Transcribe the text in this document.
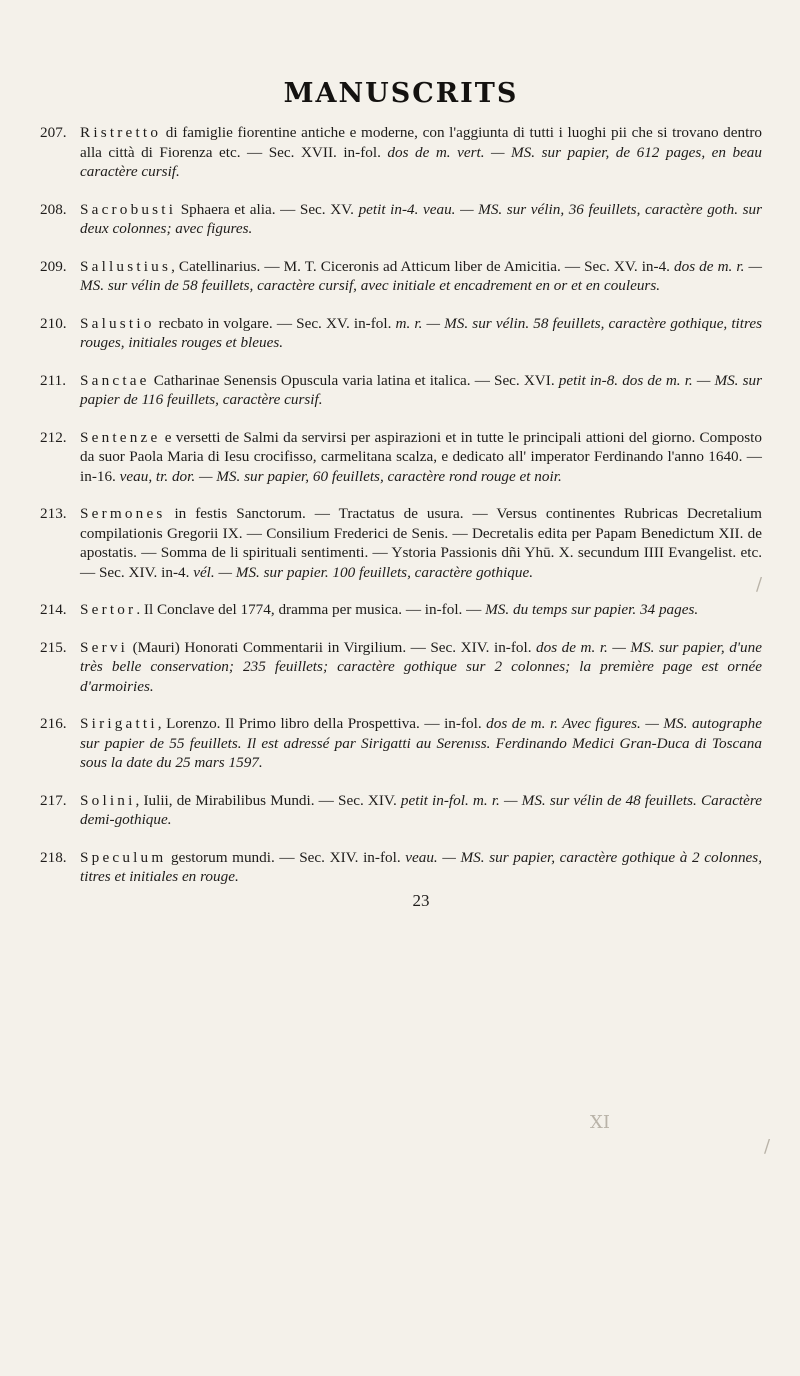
MANUSCRITS
207. Ristretto di famiglie fiorentine antiche e moderne, con l'aggiunta di tutti i luoghi pii che si trovano dentro alla città di Fiorenza etc. — Sec. XVII. in-fol. dos de m. vert. — MS. sur papier, de 612 pages, en beau caractère cursif.
208. Sacrobusti Sphaera et alia. — Sec. XV. petit in-4. veau. — MS. sur vélin, 36 feuillets, caractère goth. sur deux colonnes; avec figures.
209. Sallustius, Catellinarius. — M. T. Ciceronis ad Atticum liber de Amicitia. — Sec. XV. in-4. dos de m. r. — MS. sur vélin de 58 feuillets, caractère cursif, avec initiale et encadrement en or et en couleurs.
210. Salustio recbato in volgare. — Sec. XV. in-fol. m. r. — MS. sur vélin. 58 feuillets, caractère gothique, titres rouges, initiales rouges et bleues.
211. Sanctae Catharinae Senensis Opuscula varia latina et italica. — Sec. XVI. petit in-8. dos de m. r. — MS. sur papier de 116 feuillets, caractère cursif.
212. Sentenze e versetti de Salmi da servirsi per aspirazioni et in tutte le principali attioni del giorno. Composto da suor Paola Maria di Iesu crocifisso, carmelitana scalza, e dedicato all' imperator Ferdinando l'anno 1640. — in-16. veau, tr. dor. — MS. sur papier, 60 feuillets, caractère rond rouge et noir.
213. Sermones in festis Sanctorum. — Tractatus de usura. — Versus continentes Rubricas Decretalium compilationis Gregorii IX. — Consilium Frederici de Senis. — Decretalis edita per Papam Benedictum XII. de apostatis. — Somma de li spirituali sentimenti. — Ystoria Passionis dñi Yhū. X. secundum IIII Evangelist. etc. — Sec. XIV. in-4. vél. — MS. sur papier. 100 feuillets, caractère gothique.
214. Sertor. Il Conclave del 1774, dramma per musica. — in-fol. — MS. du temps sur papier. 34 pages.
215. Servi (Mauri) Honorati Commentarii in Virgilium. — Sec. XIV. in-fol. dos de m. r. — MS. sur papier, d'une très belle conservation; 235 feuillets; caractère gothique sur 2 colonnes; la première page est ornée d'armoiries.
216. Sirigatti, Lorenzo. Il Primo libro della Prospettiva. — in-fol. dos de m. r. Avec figures. — MS. autographe sur papier de 55 feuillets. Il est adressé par Sirigatti au Serenıss. Ferdinando Medici Gran-Duca di Toscana sous la date du 25 mars 1597.
217. Solini, Iulii, de Mirabilibus Mundi. — Sec. XIV. petit in-fol. m. r. — MS. sur vélin de 48 feuillets. Caractère demi-gothique.
218. Speculum gestorum mundi. — Sec. XIV. in-fol. veau. — MS. sur papier, caractère gothique à 2 colonnes, titres et initiales en rouge.
23
/
XI
/
